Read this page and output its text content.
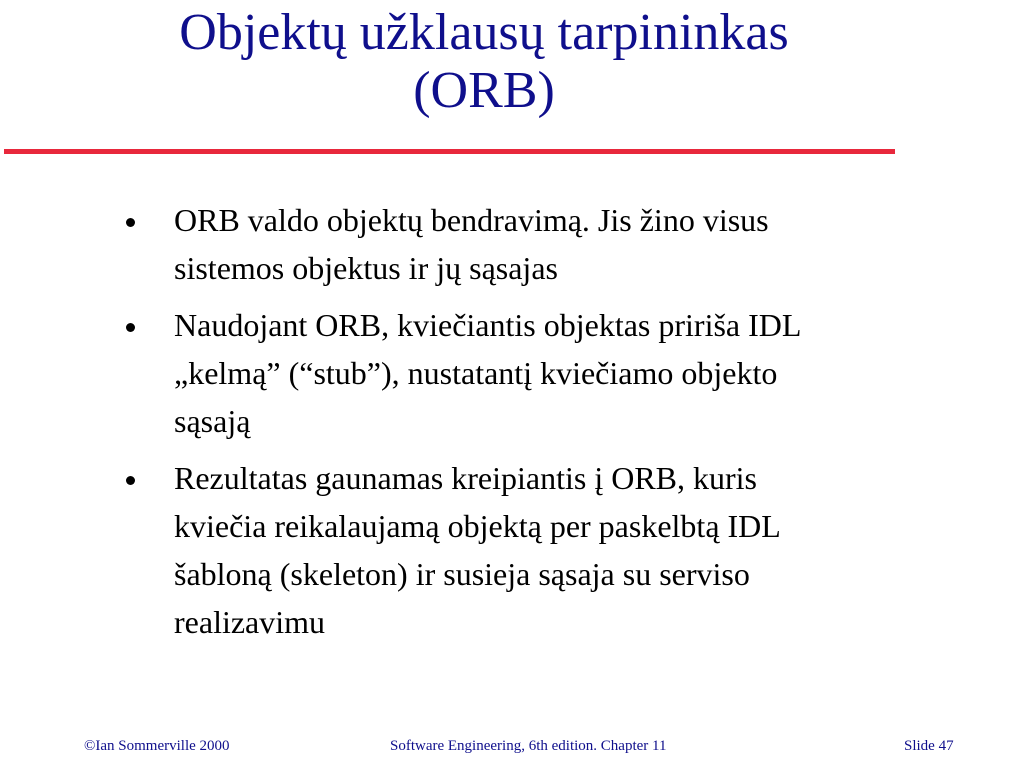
Objektų užklausų tarpininkas
(ORB)
ORB valdo objektų bendravimą. Jis žino visus
sistemos objektus ir jų sąsajas
Naudojant ORB, kviečiantis objektas pririša IDL
„kelmą” (“stub”), nustatantį kviečiamo objekto
sąsają
Rezultatas gaunamas kreipiantis į ORB, kuris
kviečia reikalaujamą objektą per paskelbtą IDL
šabloną (skeleton) ir susieja sąsaja su serviso
realizavimu
©Ian Sommerville 2000	Software Engineering, 6th edition. Chapter 11	Slide 47
